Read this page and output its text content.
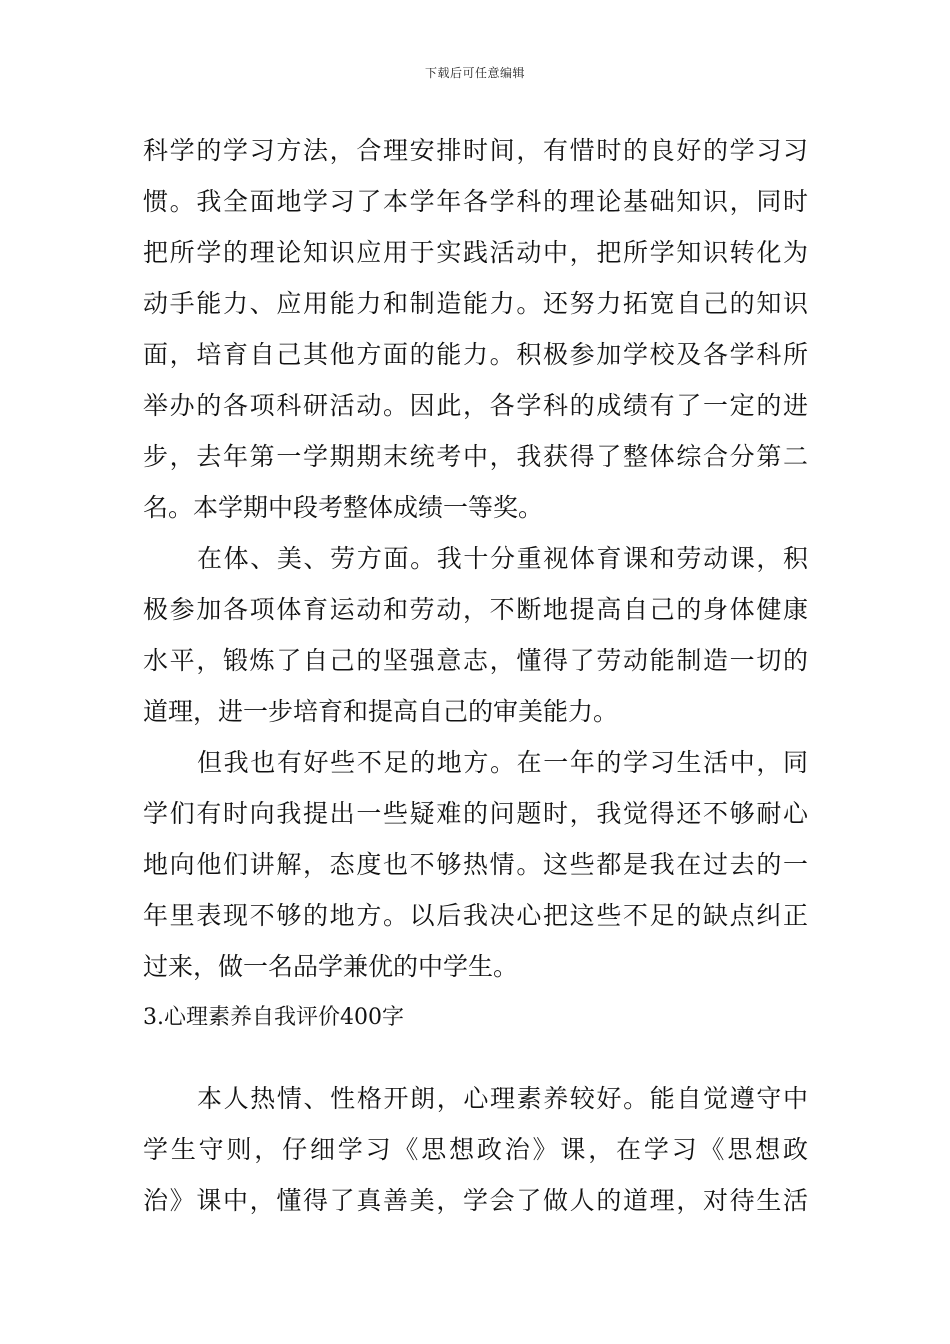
下载后可任意编辑
科学的学习方法，合理安排时间，有惜时的良好的学习习
惯。我全面地学习了本学年各学科的理论基础知识，同时
把所学的理论知识应用于实践活动中，把所学知识转化为
动手能力、应用能力和制造能力。还努力拓宽自己的知识
面，培育自己其他方面的能力。积极参加学校及各学科所
举办的各项科研活动。因此，各学科的成绩有了一定的进
步，去年第一学期期末统考中，我获得了整体综合分第二
名。本学期中段考整体成绩一等奖。
在体、美、劳方面。我十分重视体育课和劳动课，积
极参加各项体育运动和劳动，不断地提高自己的身体健康
水平，锻炼了自己的坚强意志，懂得了劳动能制造一切的
道理，进一步培育和提高自己的审美能力。
但我也有好些不足的地方。在一年的学习生活中，同
学们有时向我提出一些疑难的问题时，我觉得还不够耐心
地向他们讲解，态度也不够热情。这些都是我在过去的一
年里表现不够的地方。以后我决心把这些不足的缺点纠正
过来，做一名品学兼优的中学生。
3.心理素养自我评价400字
本人热情、性格开朗，心理素养较好。能自觉遵守中
学生守则，仔细学习《思想政治》课，在学习《思想政
治》课中，懂得了真善美，学会了做人的道理，对待生活
